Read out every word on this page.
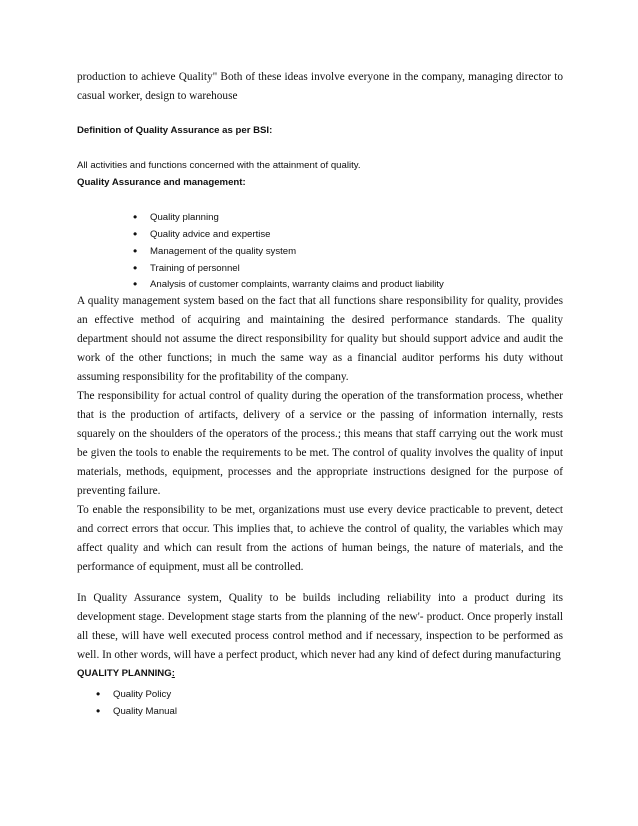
production to achieve Quality" Both of these ideas involve everyone in the company, managing director to casual worker, design to warehouse

Definition of Quality Assurance as per BSI:

All activities and functions concerned with the attainment of quality.

Quality Assurance and management:

• Quality planning
• Quality advice and expertise
• Management of the quality system
• Training of personnel
• Analysis of customer complaints, warranty claims and product liability

A quality management system based on the fact that all functions share responsibility for quality, provides an effective method of acquiring and maintaining the desired performance standards. The quality department should not assume the direct responsibility for quality but should support advice and audit the work of the other functions; in much the same way as a financial auditor performs his duty without assuming responsibility for the profitability of the company.

The responsibility for actual control of quality during the operation of the transformation process, whether that is the production of artifacts, delivery of a service or the passing of information internally, rests squarely on the shoulders of the operators of the process.; this means that staff carrying out the work must be given the tools to enable the requirements to be met. The control of quality involves the quality of input materials, methods, equipment, processes and the appropriate instructions designed for the purpose of preventing failure.

To enable the responsibility to be met, organizations must use every device practicable to prevent, detect and correct errors that occur. This implies that, to achieve the control of quality, the variables which may affect quality and which can result from the actions of human beings, the nature of materials, and the performance of equipment, must all be controlled.

In Quality Assurance system, Quality to be builds including reliability into a product during its development stage. Development stage starts from the planning of the new'- product. Once properly install all these, will have well executed process control method and if necessary, inspection to be performed as well. In other words, will have a perfect product, which never had any kind of defect during manufacturing

QUALITY PLANNING:

• Quality Policy
• Quality Manual
